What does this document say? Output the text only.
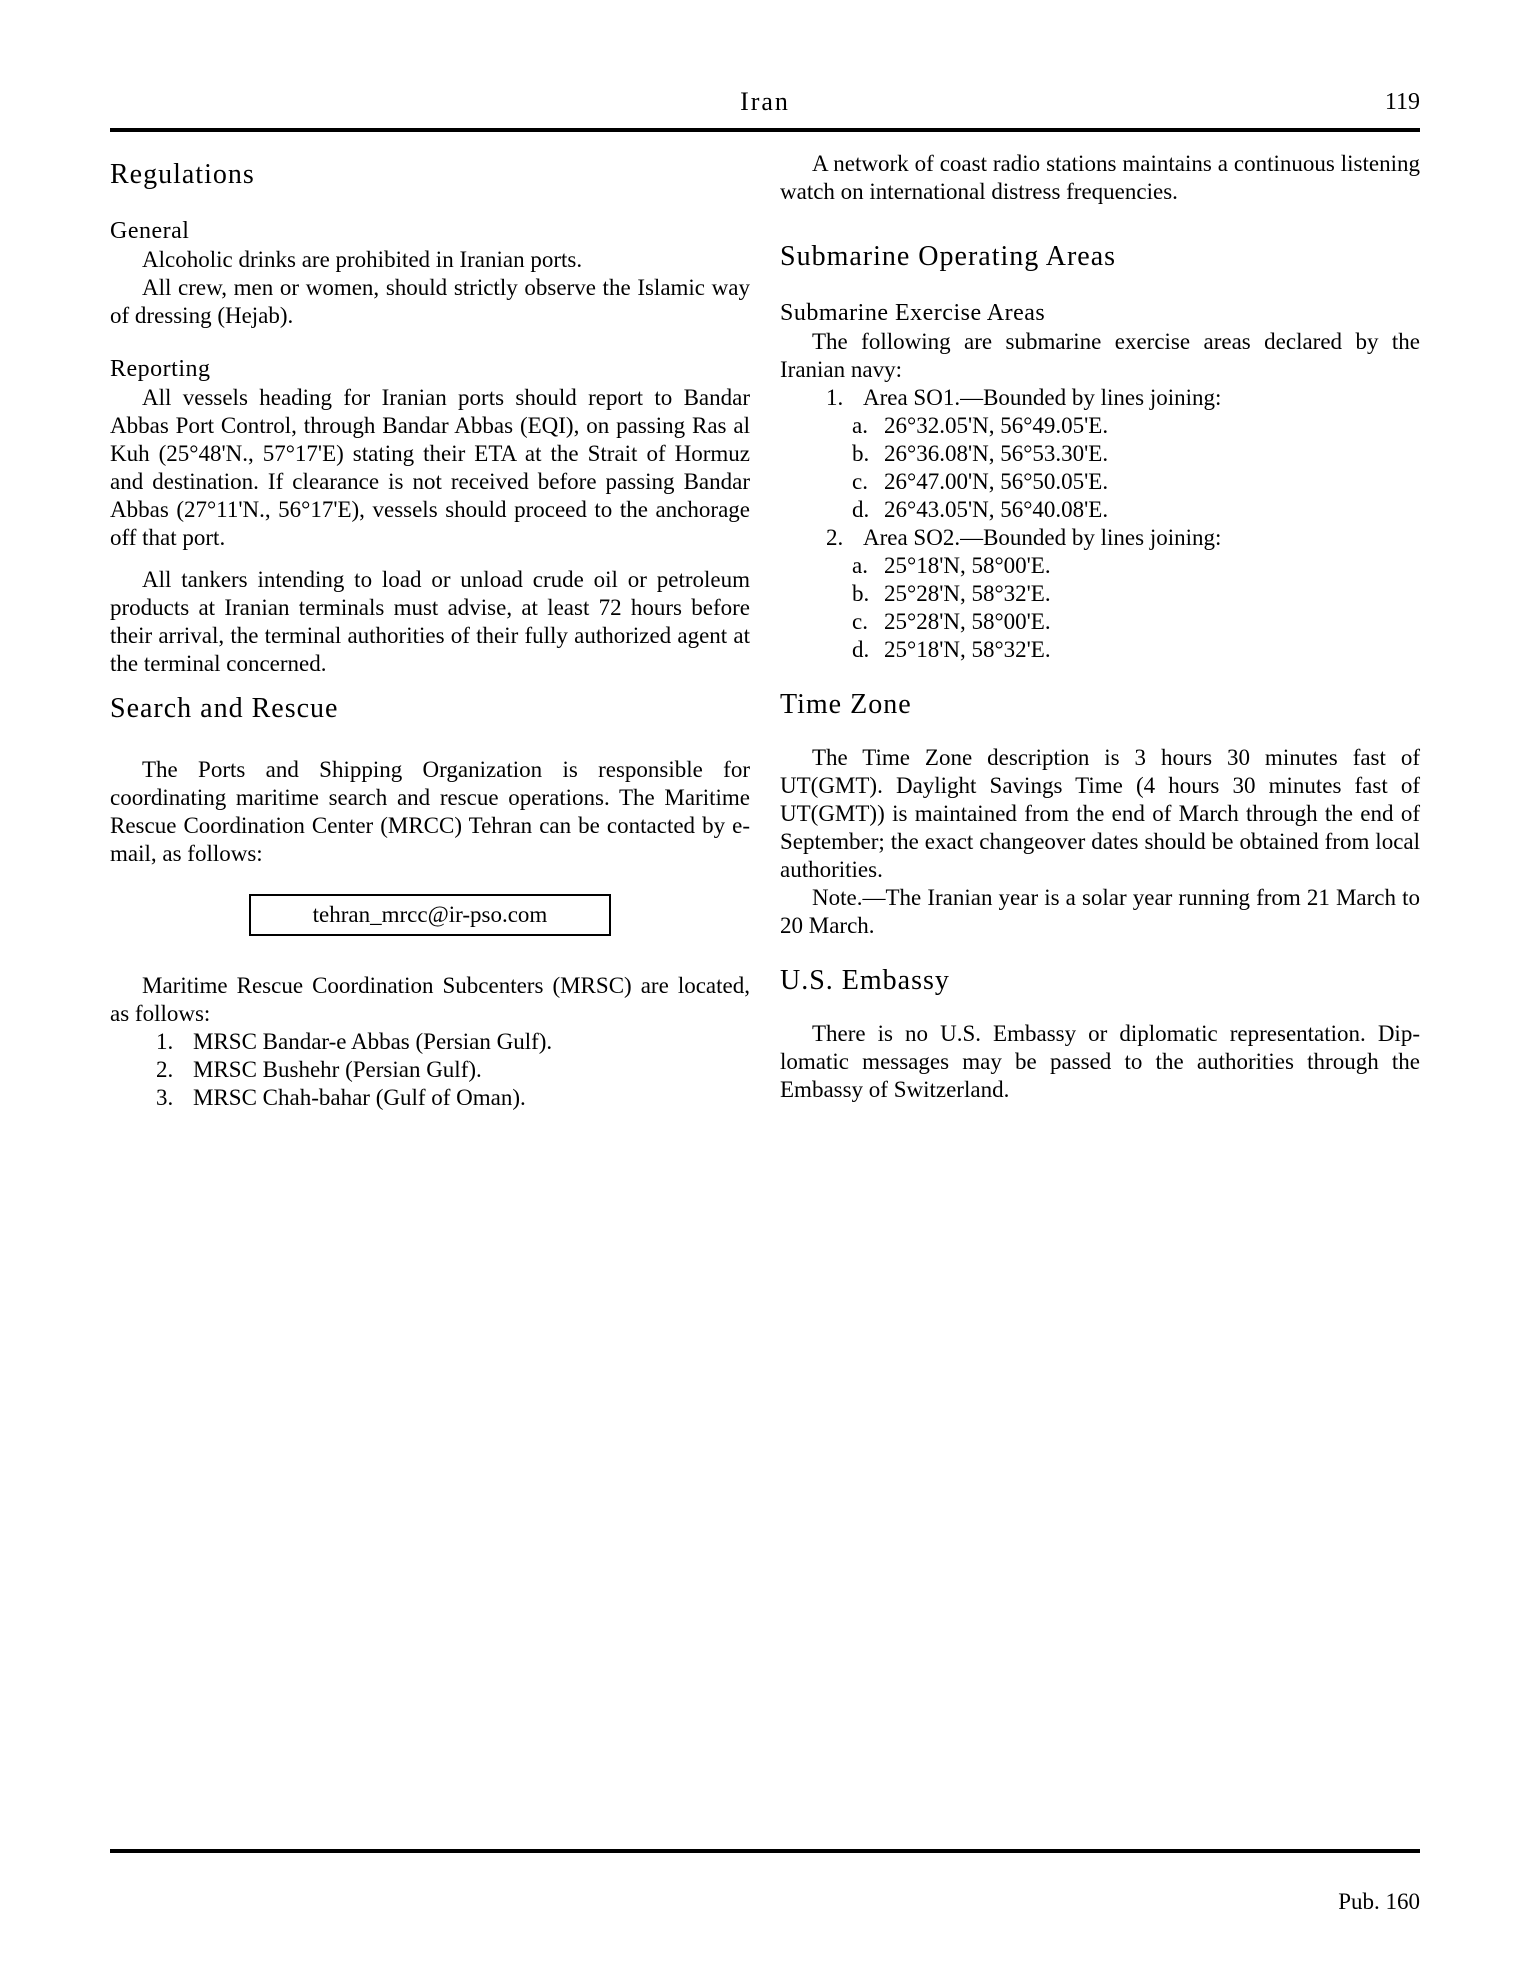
Iran	119
Regulations
General

Alcoholic drinks are prohibited in Iranian ports.

All crew, men or women, should strictly observe the Islamic way of dressing (Hejab).

Reporting

All vessels heading for Iranian ports should report to Bandar Abbas Port Control, through Bandar Abbas (EQI), on passing Ras al Kuh (25°48'N., 57°17'E) stating their ETA at the Strait of Hormuz and destination. If clearance is not received before passing Bandar Abbas (27°11'N., 56°17'E), vessels should proceed to the anchorage off that port.

All tankers intending to load or unload crude oil or petroleum products at Iranian terminals must advise, at least 72 hours before their arrival, the terminal authorities of their fully authorized agent at the terminal concerned.

Search and Rescue

The Ports and Shipping Organization is responsible for coordinating maritime search and rescue operations. The Maritime Rescue Coordination Center (MRCC) Tehran can be contacted by e-mail, as follows:

tehran_mrcc@ir-pso.com

Maritime Rescue Coordination Subcenters (MRSC) are located, as follows:

1. MRSC Bandar-e Abbas (Persian Gulf).
2. MRSC Bushehr (Persian Gulf).
3. MRSC Chah-bahar (Gulf of Oman).

A network of coast radio stations maintains a continuous listening watch on international distress frequencies.

Submarine Operating Areas
Submarine Exercise Areas

The following are submarine exercise areas declared by the Iranian navy:

1. Area SO1.—Bounded by lines joining:
a. 26°32.05'N, 56°49.05'E.
b. 26°36.08'N, 56°53.30'E.
c. 26°47.00'N, 56°50.05'E.
d. 26°43.05'N, 56°40.08'E.
2. Area SO2.—Bounded by lines joining:
a. 25°18'N, 58°00'E.
b. 25°28'N, 58°32'E.
c. 25°28'N, 58°00'E.
d. 25°18'N, 58°32'E.
Time Zone

The Time Zone description is 3 hours 30 minutes fast of UT(GMT). Daylight Savings Time (4 hours 30 minutes fast of UT(GMT)) is maintained from the end of March through the end of September; the exact changeover dates should be obtained from local authorities.

Note.—The Iranian year is a solar year running from 21 March to 20 March.

U.S. Embassy

There is no U.S. Embassy or diplomatic representation. Diplomatic messages may be passed to the authorities through the Embassy of Switzerland.

Pub. 160
